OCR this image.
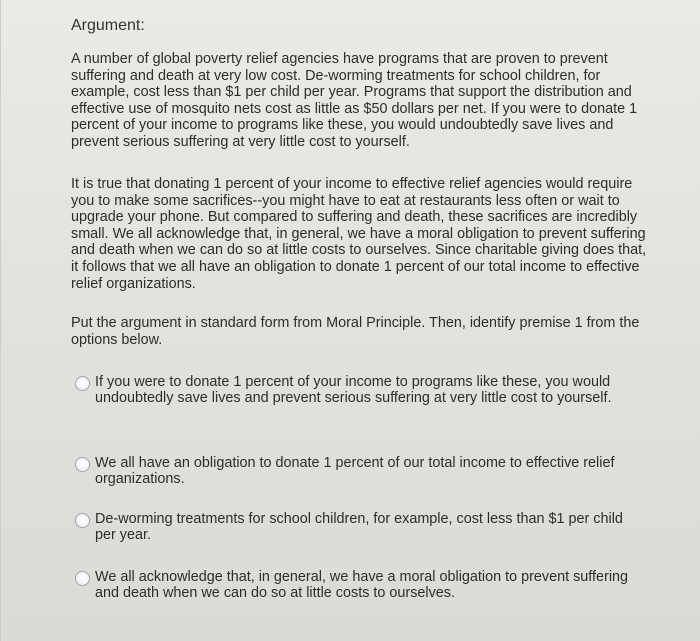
Argument:

A number of global poverty relief agencies have programs that are proven to prevent suffering and death at very low cost. De-worming treatments for school children, for example, cost less than $1 per child per year. Programs that support the distribution and effective use of mosquito nets cost as little as $50 dollars per net. If you were to donate 1 percent of your income to programs like these, you would undoubtedly save lives and prevent serious suffering at very little cost to yourself.

It is true that donating 1 percent of your income to effective relief agencies would require you to make some sacrifices--you might have to eat at restaurants less often or wait to upgrade your phone. But compared to suffering and death, these sacrifices are incredibly small. We all acknowledge that, in general, we have a moral obligation to prevent suffering and death when we can do so at little costs to ourselves. Since charitable giving does that, it follows that we all have an obligation to donate 1 percent of our total income to effective relief organizations.

Put the argument in standard form from Moral Principle. Then, identify premise 1 from the options below.

If you were to donate 1 percent of your income to programs like these, you would undoubtedly save lives and prevent serious suffering at very little cost to yourself.
We all have an obligation to donate 1 percent of our total income to effective relief organizations.
De-worming treatments for school children, for example, cost less than $1 per child per year.
We all acknowledge that, in general, we have a moral obligation to prevent suffering and death when we can do so at little costs to ourselves.
